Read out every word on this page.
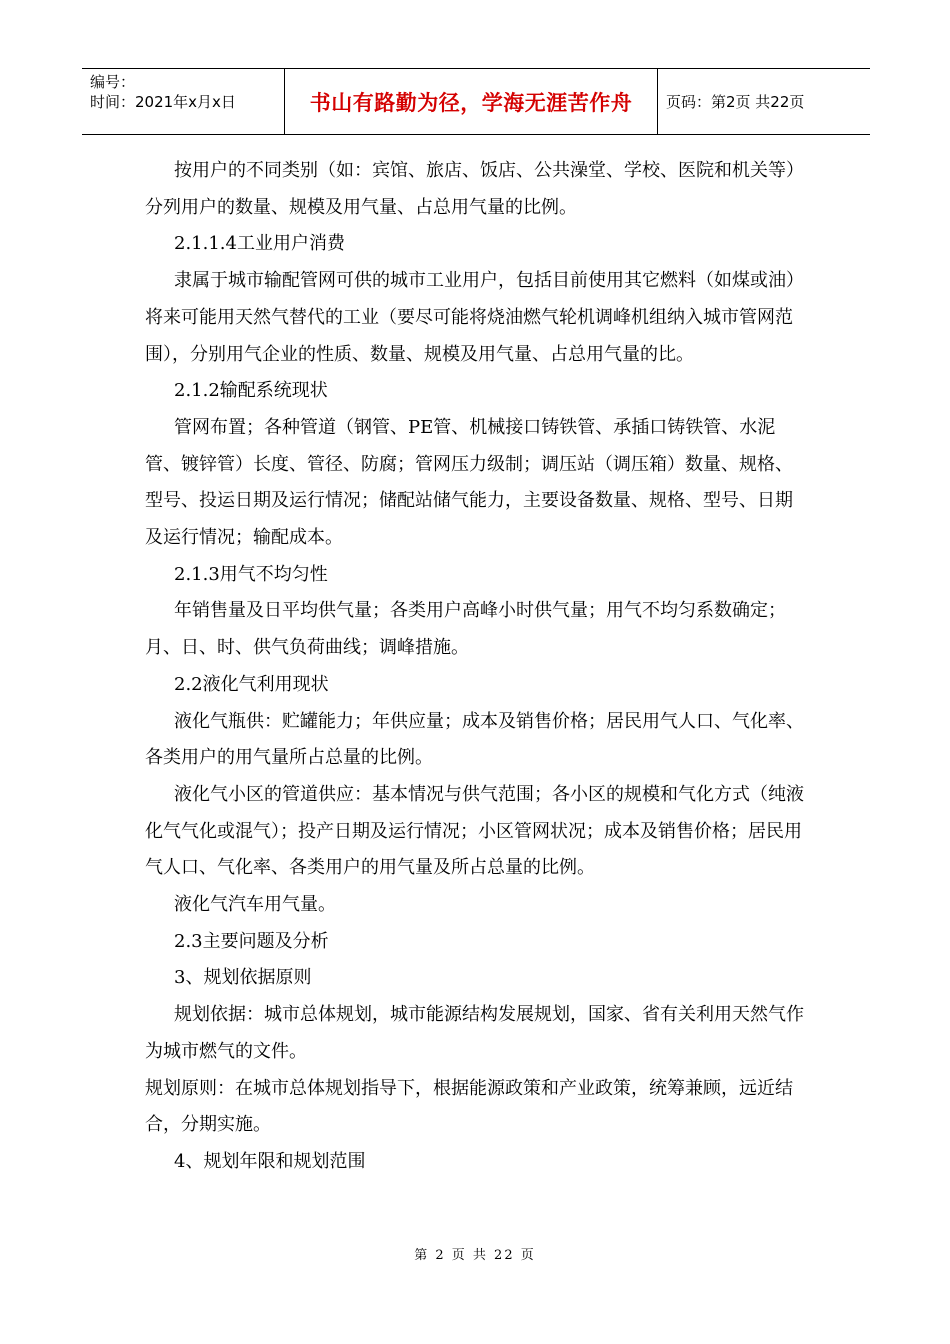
编号：
时间：2021年x月x日	书山有路勤为径，学海无涯苦作舟	页码：第2页 共22页

按用户的不同类别（如：宾馆、旅店、饭店、公共澡堂、学校、医院和机关等）分列用户的数量、规模及用气量、占总用气量的比例。

2.1.1.4工业用户消费

隶属于城市输配管网可供的城市工业用户，包括目前使用其它燃料（如煤或油）将来可能用天然气替代的工业（要尽可能将烧油燃气轮机调峰机组纳入城市管网范围），分别用气企业的性质、数量、规模及用气量、占总用气量的比。

2.1.2输配系统现状

管网布置；各种管道（钢管、PE管、机械接口铸铁管、承插口铸铁管、水泥管、镀锌管）长度、管径、防腐；管网压力级制；调压站（调压箱）数量、规格、型号、投运日期及运行情况；储配站储气能力，主要设备数量、规格、型号、日期及运行情况；输配成本。

2.1.3用气不均匀性

年销售量及日平均供气量；各类用户高峰小时供气量；用气不均匀系数确定；月、日、时、供气负荷曲线；调峰措施。

2.2液化气利用现状

液化气瓶供：贮罐能力；年供应量；成本及销售价格；居民用气人口、气化率、各类用户的用气量所占总量的比例。

液化气小区的管道供应：基本情况与供气范围；各小区的规模和气化方式（纯液化气气化或混气）；投产日期及运行情况；小区管网状况；成本及销售价格；居民用气人口、气化率、各类用户的用气量及所占总量的比例。

液化气汽车用气量。

2.3主要问题及分析

3、规划依据原则

规划依据：城市总体规划，城市能源结构发展规划，国家、省有关利用天然气作为城市燃气的文件。

规划原则：在城市总体规划指导下，根据能源政策和产业政策，统筹兼顾，远近结合，分期实施。

4、规划年限和规划范围

第 2 页 共 22 页
